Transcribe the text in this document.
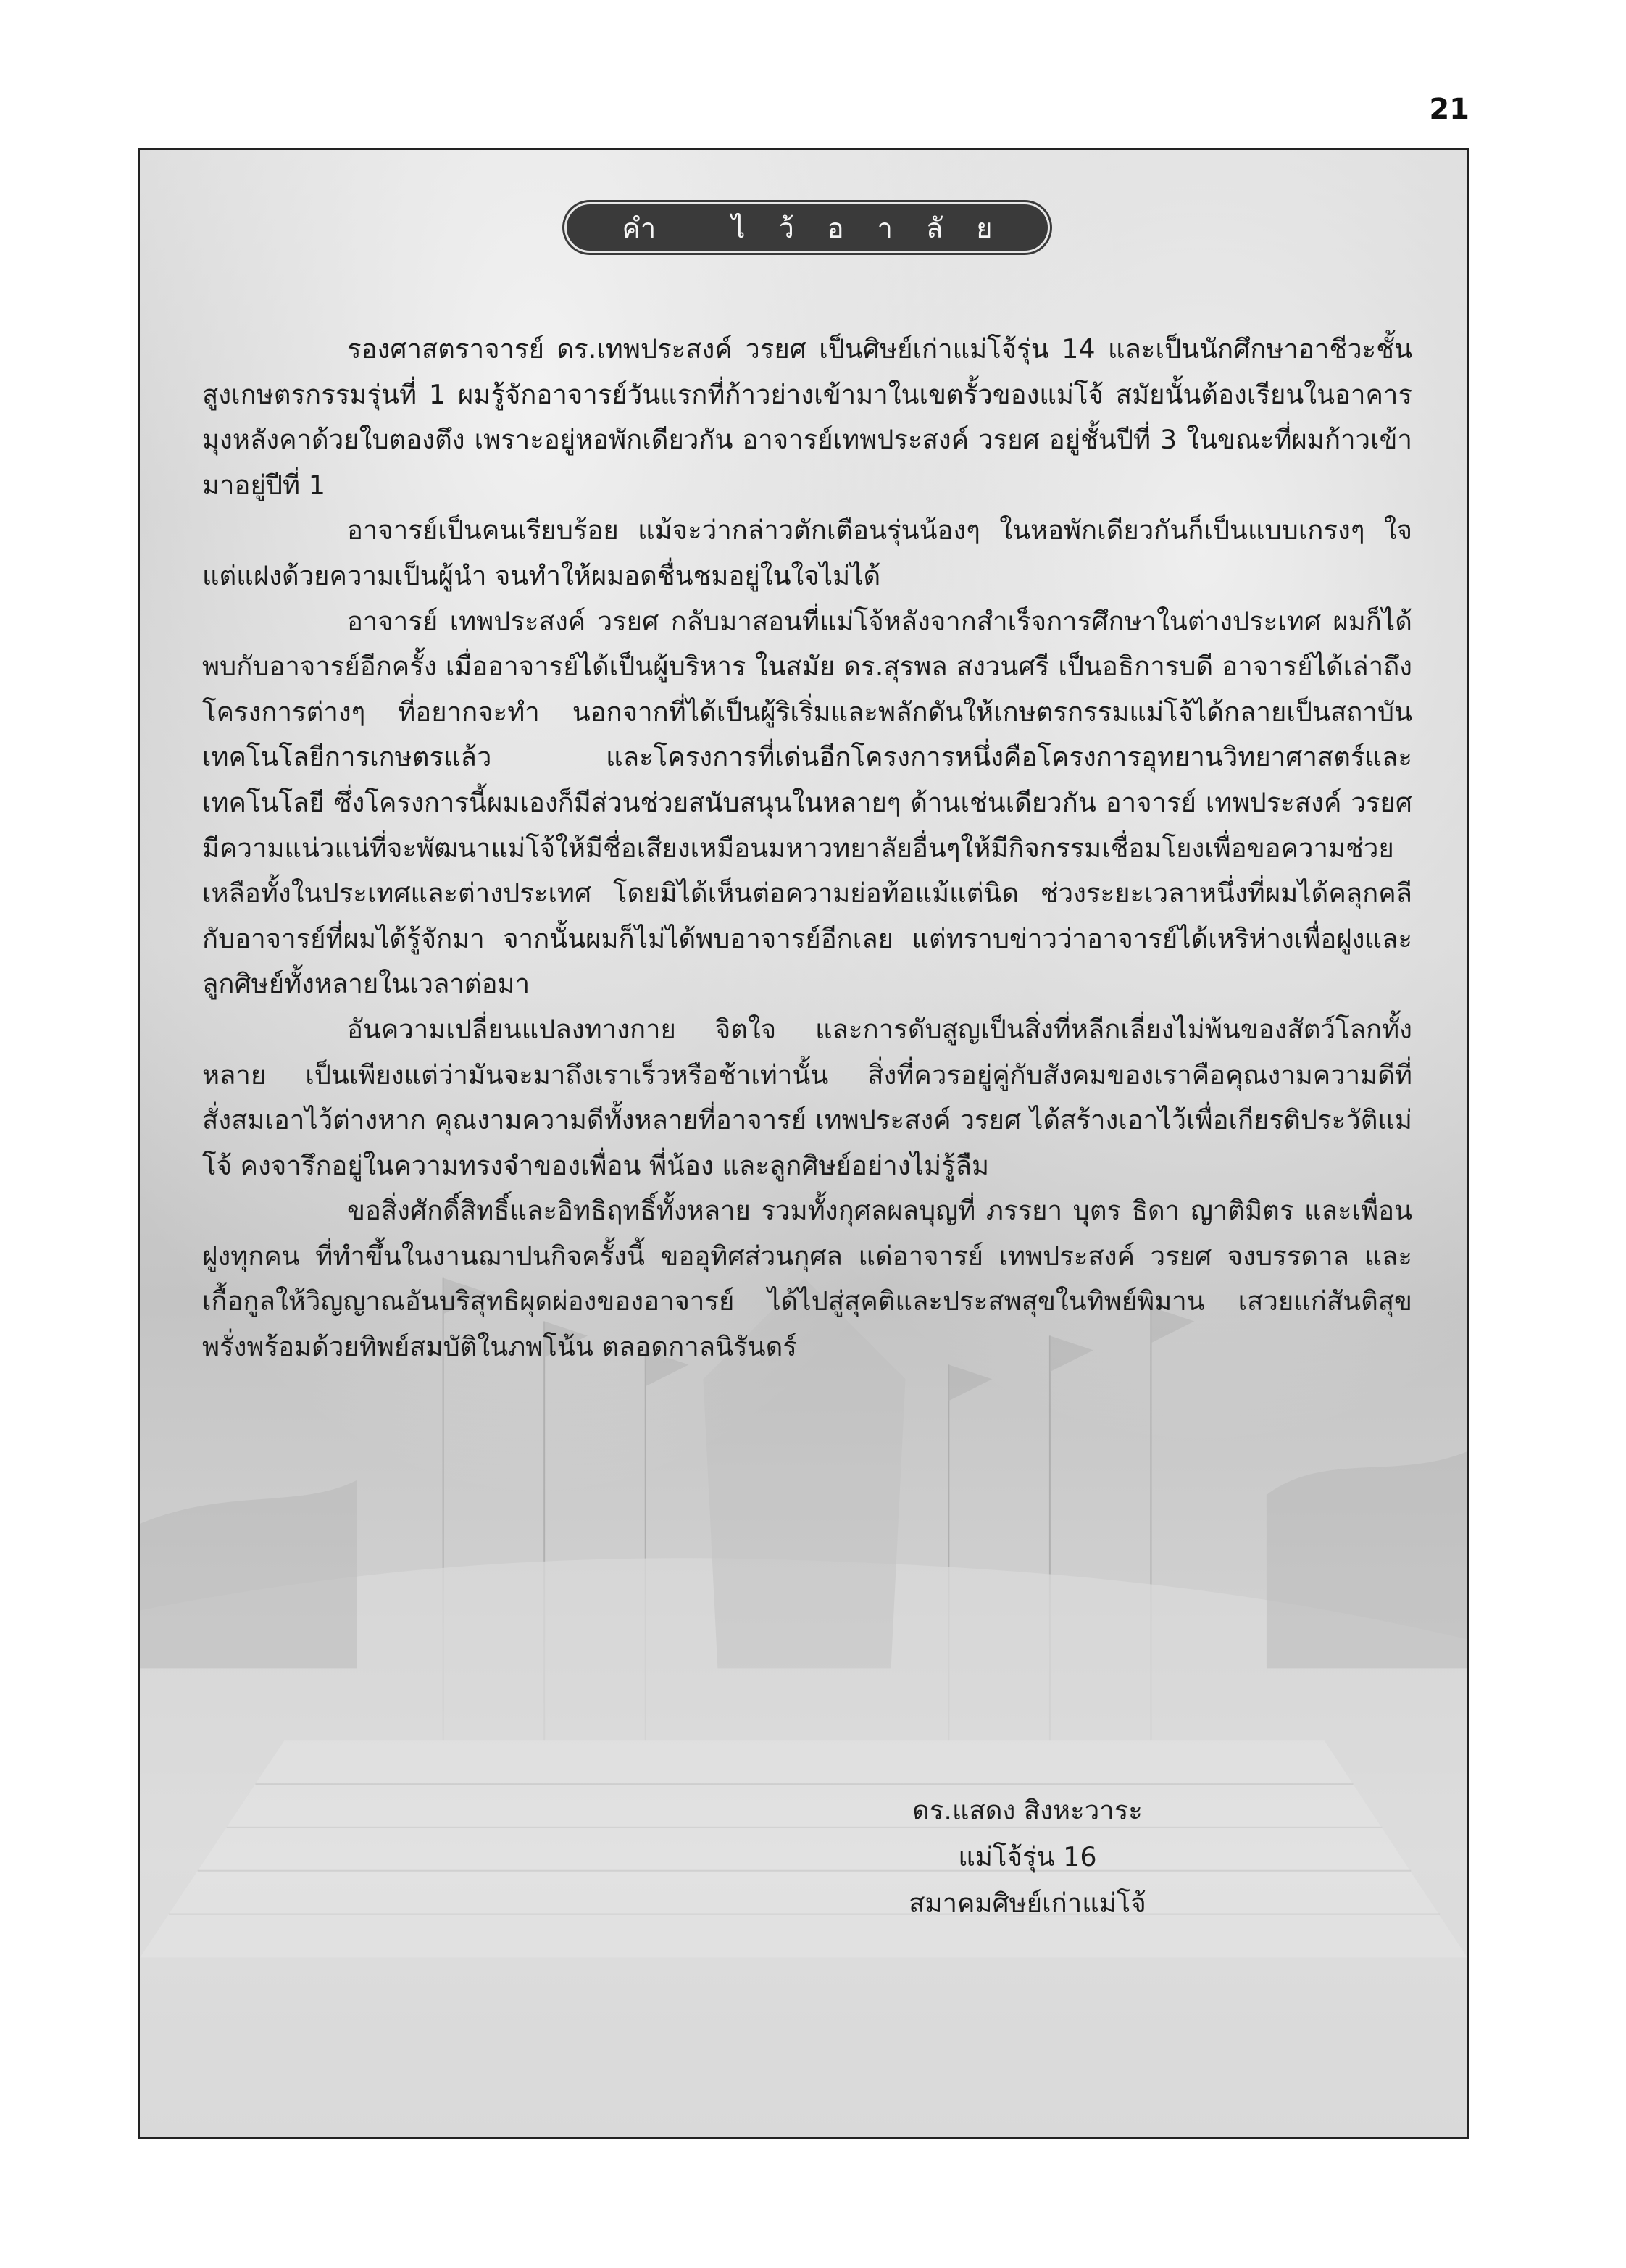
21
คำ ไว้อาลัย

รองศาสตราจารย์ ดร.เทพประสงค์ วรยศ เป็นศิษย์เก่าแม่โจ้รุ่น 14 และเป็นนักศึกษาอาชีวะชั้นสูงเกษตรกรรมรุ่นที่ 1 ผมรู้จักอาจารย์วันแรกที่ก้าวย่างเข้ามาในเขตรั้วของแม่โจ้ สมัยนั้นต้องเรียนในอาคารมุงหลังคาด้วยใบตองตึง เพราะอยู่หอพักเดียวกัน อาจารย์เทพประสงค์ วรยศ อยู่ชั้นปีที่ 3 ในขณะที่ผมก้าวเข้ามาอยู่ปีที่ 1

อาจารย์เป็นคนเรียบร้อย แม้จะว่ากล่าวตักเตือนรุ่นน้องๆ ในหอพักเดียวกันก็เป็นแบบเกรงๆ ใจ แต่แฝงด้วยความเป็นผู้นำ จนทำให้ผมอดชื่นชมอยู่ในใจไม่ได้

อาจารย์ เทพประสงค์ วรยศ กลับมาสอนที่แม่โจ้หลังจากสำเร็จการศึกษาในต่างประเทศ ผมก็ได้พบกับอาจารย์อีกครั้ง เมื่ออาจารย์ได้เป็นผู้บริหาร ในสมัย ดร.สุรพล สงวนศรี เป็นอธิการบดี อาจารย์ได้เล่าถึงโครงการต่างๆ ที่อยากจะทำ นอกจากที่ได้เป็นผู้ริเริ่มและพลักดันให้เกษตรกรรมแม่โจ้ได้กลายเป็นสถาบันเทคโนโลยีการเกษตรแล้ว และโครงการที่เด่นอีกโครงการหนึ่งคือโครงการอุทยานวิทยาศาสตร์และเทคโนโลยี ซึ่งโครงการนี้ผมเองก็มีส่วนช่วยสนับสนุนในหลายๆ ด้านเช่นเดียวกัน อาจารย์ เทพประสงค์ วรยศ มีความแน่วแน่ที่จะพัฒนาแม่โจ้ให้มีชื่อเสียงเหมือนมหาวทยาลัยอื่นๆให้มีกิจกรรมเชื่อมโยงเพื่อขอความช่วยเหลือทั้งในประเทศและต่างประเทศ โดยมิได้เห็นต่อความย่อท้อแม้แต่นิด ช่วงระยะเวลาหนึ่งที่ผมได้คลุกคลีกับอาจารย์ที่ผมได้รู้จักมา จากนั้นผมก็ไม่ได้พบอาจารย์อีกเลย แต่ทราบข่าวว่าอาจารย์ได้เหริห่างเพื่อฝูงและลูกศิษย์ทั้งหลายในเวลาต่อมา

อันความเปลี่ยนแปลงทางกาย จิตใจ และการดับสูญเป็นสิ่งที่หลีกเลี่ยงไม่พ้นของสัตว์โลกทั้งหลาย เป็นเพียงแต่ว่ามันจะมาถึงเราเร็วหรือช้าเท่านั้น สิ่งที่ควรอยู่คู่กับสังคมของเราคือคุณงามความดีที่สั่งสมเอาไว้ต่างหาก คุณงามความดีทั้งหลายที่อาจารย์ เทพประสงค์ วรยศ ได้สร้างเอาไว้เพื่อเกียรติประวัติแม่โจ้ คงจารึกอยู่ในความทรงจำของเพื่อน พี่น้อง และลูกศิษย์อย่างไม่รู้ลืม

ขอสิ่งศักดิ์สิทธิ์และอิทธิฤทธิ์ทั้งหลาย รวมทั้งกุศลผลบุญที่ ภรรยา บุตร ธิดา ญาติมิตร และเพื่อนฝูงทุกคน ที่ทำขึ้นในงานฌาปนกิจครั้งนี้ ขออุทิศส่วนกุศล แด่อาจารย์ เทพประสงค์ วรยศ จงบรรดาล และเกื้อกูลให้วิญญาณอันบริสุทธิผุดผ่องของอาจารย์ ได้ไปสู่สุคติและประสพสุขในทิพย์พิมาน เสวยแก่สันติสุข พรั่งพร้อมด้วยทิพย์สมบัติในภพโน้น ตลอดกาลนิรันดร์

ดร.แสดง สิงหะวาระ
แม่โจ้รุ่น 16
สมาคมศิษย์เก่าแม่โจ้
